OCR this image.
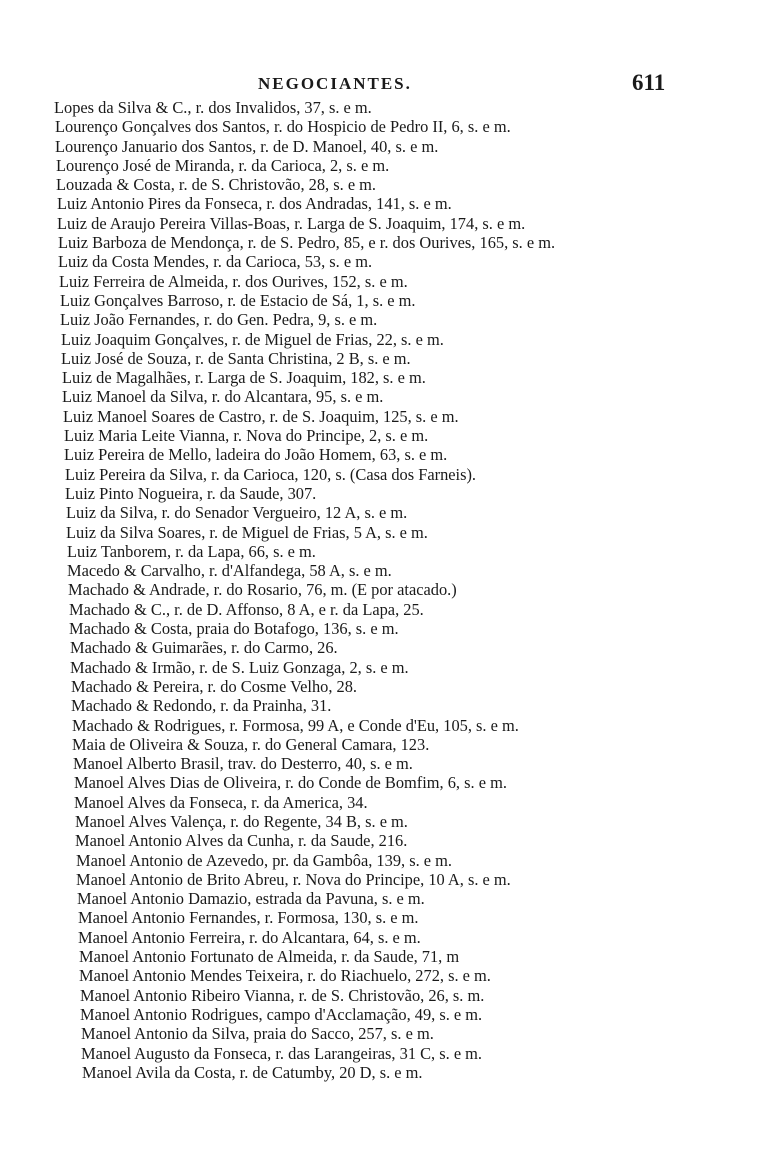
NEGOCIANTES.	611
Lopes da Silva & C., r. dos Invalidos, 37, s. e m.
Lourenço Gonçalves dos Santos, r. do Hospicio de Pedro II, 6, s. e m.
Lourenço Januario dos Santos, r. de D. Manoel, 40, s. e m.
Lourenço José de Miranda, r. da Carioca, 2, s. e m.
Louzada & Costa, r. de S. Christovão, 28, s. e m.
Luiz Antonio Pires da Fonseca, r. dos Andradas, 141, s. e m.
Luiz de Araujo Pereira Villas-Boas, r. Larga de S. Joaquim, 174, s. e m.
Luiz Barboza de Mendonça, r. de S. Pedro, 85, e r. dos Ourives, 165, s. e m.
Luiz da Costa Mendes, r. da Carioca, 53, s. e m.
Luiz Ferreira de Almeida, r. dos Ourives, 152, s. e m.
Luiz Gonçalves Barroso, r. de Estacio de Sá, 1, s. e m.
Luiz João Fernandes, r. do Gen. Pedra, 9, s. e m.
Luiz Joaquim Gonçalves, r. de Miguel de Frias, 22, s. e m.
Luiz José de Souza, r. de Santa Christina, 2 B, s. e m.
Luiz de Magalhães, r. Larga de S. Joaquim, 182, s. e m.
Luiz Manoel da Silva, r. do Alcantara, 95, s. e m.
Luiz Manoel Soares de Castro, r. de S. Joaquim, 125, s. e m.
Luiz Maria Leite Vianna, r. Nova do Principe, 2, s. e m.
Luiz Pereira de Mello, ladeira do João Homem, 63, s. e m.
Luiz Pereira da Silva, r. da Carioca, 120, s. (Casa dos Farneis).
Luiz Pinto Nogueira, r. da Saude, 307.
Luiz da Silva, r. do Senador Vergueiro, 12 A, s. e m.
Luiz da Silva Soares, r. de Miguel de Frias, 5 A, s. e m.
Luiz Tanborem, r. da Lapa, 66, s. e m.
Macedo & Carvalho, r. d'Alfandega, 58 A, s. e m.
Machado & Andrade, r. do Rosario, 76, m. (E por atacado.)
Machado & C., r. de D. Affonso, 8 A, e r. da Lapa, 25.
Machado & Costa, praia do Botafogo, 136, s. e m.
Machado & Guimarães, r. do Carmo, 26.
Machado & Irmão, r. de S. Luiz Gonzaga, 2, s. e m.
Machado & Pereira, r. do Cosme Velho, 28.
Machado & Redondo, r. da Prainha, 31.
Machado & Rodrigues, r. Formosa, 99 A, e Conde d'Eu, 105, s. e m.
Maia de Oliveira & Souza, r. do General Camara, 123.
Manoel Alberto Brasil, trav. do Desterro, 40, s. e m.
Manoel Alves Dias de Oliveira, r. do Conde de Bomfim, 6, s. e m.
Manoel Alves da Fonseca, r. da America, 34.
Manoel Alves Valença, r. do Regente, 34 B, s. e m.
Manoel Antonio Alves da Cunha, r. da Saude, 216.
Manoel Antonio de Azevedo, pr. da Gambôa, 139, s. e m.
Manoel Antonio de Brito Abreu, r. Nova do Principe, 10 A, s. e m.
Manoel Antonio Damazio, estrada da Pavuna, s. e m.
Manoel Antonio Fernandes, r. Formosa, 130, s. e m.
Manoel Antonio Ferreira, r. do Alcantara, 64, s. e m.
Manoel Antonio Fortunato de Almeida, r. da Saude, 71, m
Manoel Antonio Mendes Teixeira, r. do Riachuelo, 272, s. e m.
Manoel Antonio Ribeiro Vianna, r. de S. Christovão, 26, s. m.
Manoel Antonio Rodrigues, campo d'Acclamação, 49, s. e m.
Manoel Antonio da Silva, praia do Sacco, 257, s. e m.
Manoel Augusto da Fonseca, r. das Larangeiras, 31 C, s. e m.
Manoel Avila da Costa, r. de Catumby, 20 D, s. e m.
